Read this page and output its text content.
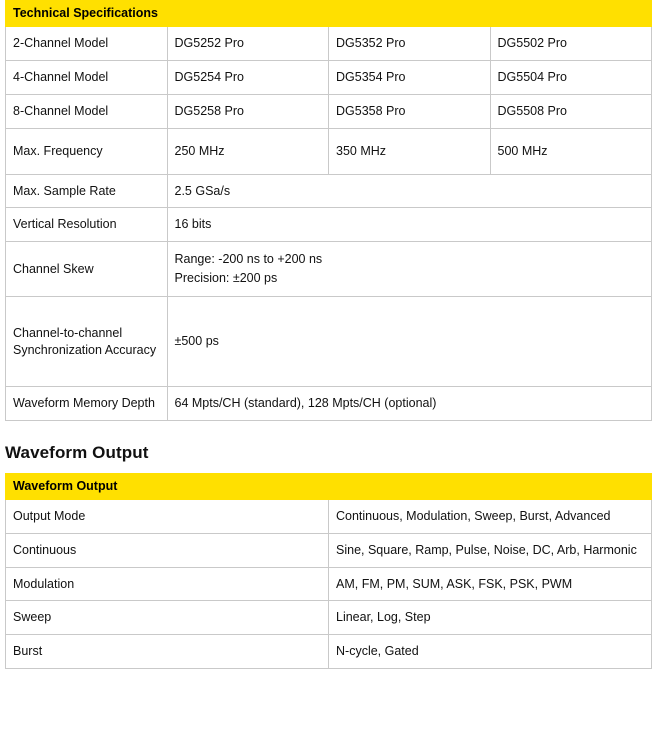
Technical Specifications			
2-Channel Model	DG5252 Pro	DG5352 Pro	DG5502 Pro
4-Channel Model	DG5254 Pro	DG5354 Pro	DG5504 Pro
8-Channel Model	DG5258 Pro	DG5358 Pro	DG5508 Pro
Max. Frequency	250 MHz	350 MHz	500 MHz
Max. Sample Rate	2.5 GSa/s		
Vertical Resolution	16 bits		
Channel Skew	Range: -200 ns to +200 ns
Precision: ±200 ps		

Channel-to-channel Synchronization Accuracy	±500 ps		
Waveform Memory Depth	64 Mpts/CH (standard), 128 Mpts/CH (optional)		
Waveform Output
Waveform Output	
Output Mode	Continuous, Modulation, Sweep, Burst, Advanced
Continuous	Sine, Square, Ramp, Pulse, Noise, DC, Arb, Harmonic
Modulation	AM, FM, PM, SUM, ASK, FSK, PSK, PWM
Sweep	Linear, Log, Step
Burst	N-cycle, Gated
